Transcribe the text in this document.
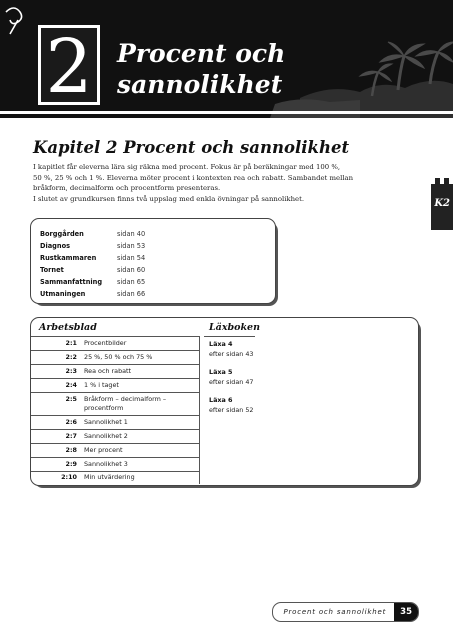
2 Procent och
sannolikhet
K2
Kapitel 2 Procent och sannolikhet

I kapitlet får eleverna lära sig räkna med procent. Fokus är på beräkningar med 100 %,

50 %, 25 % och 1 %. Eleverna möter procent i kontexten rea och rabatt. Sambandet mellan

bråkform, decimalform och procentform presenteras.

I slutet av grundkursen finns två uppslag med enkla övningar på sannolikhet.

Borggården	sidan 40
Diagnos	sidan 53
Rustkammaren	sidan 54
Tornet	sidan 60
Sammanfattning	sidan 65
Utmaningen	sidan 66
Arbetsblad	Läxboken
2:1 Procentbilder
2:2 25 %, 50 % och 75 %
2:3 Rea och rabatt
2:4 1 % i taget
2:5 Bråkform – decimalform –
procentform
2:6 Sannolikhet 1
2:7 Sannolikhet 2
2:8 Mer procent
2:9 Sannolikhet 3
2:10 Min utvärdering
Läxa 4
efter sidan 43
Läxa 5
efter sidan 47
Läxa 6
efter sidan 52
Procent och sannolikhet	35
